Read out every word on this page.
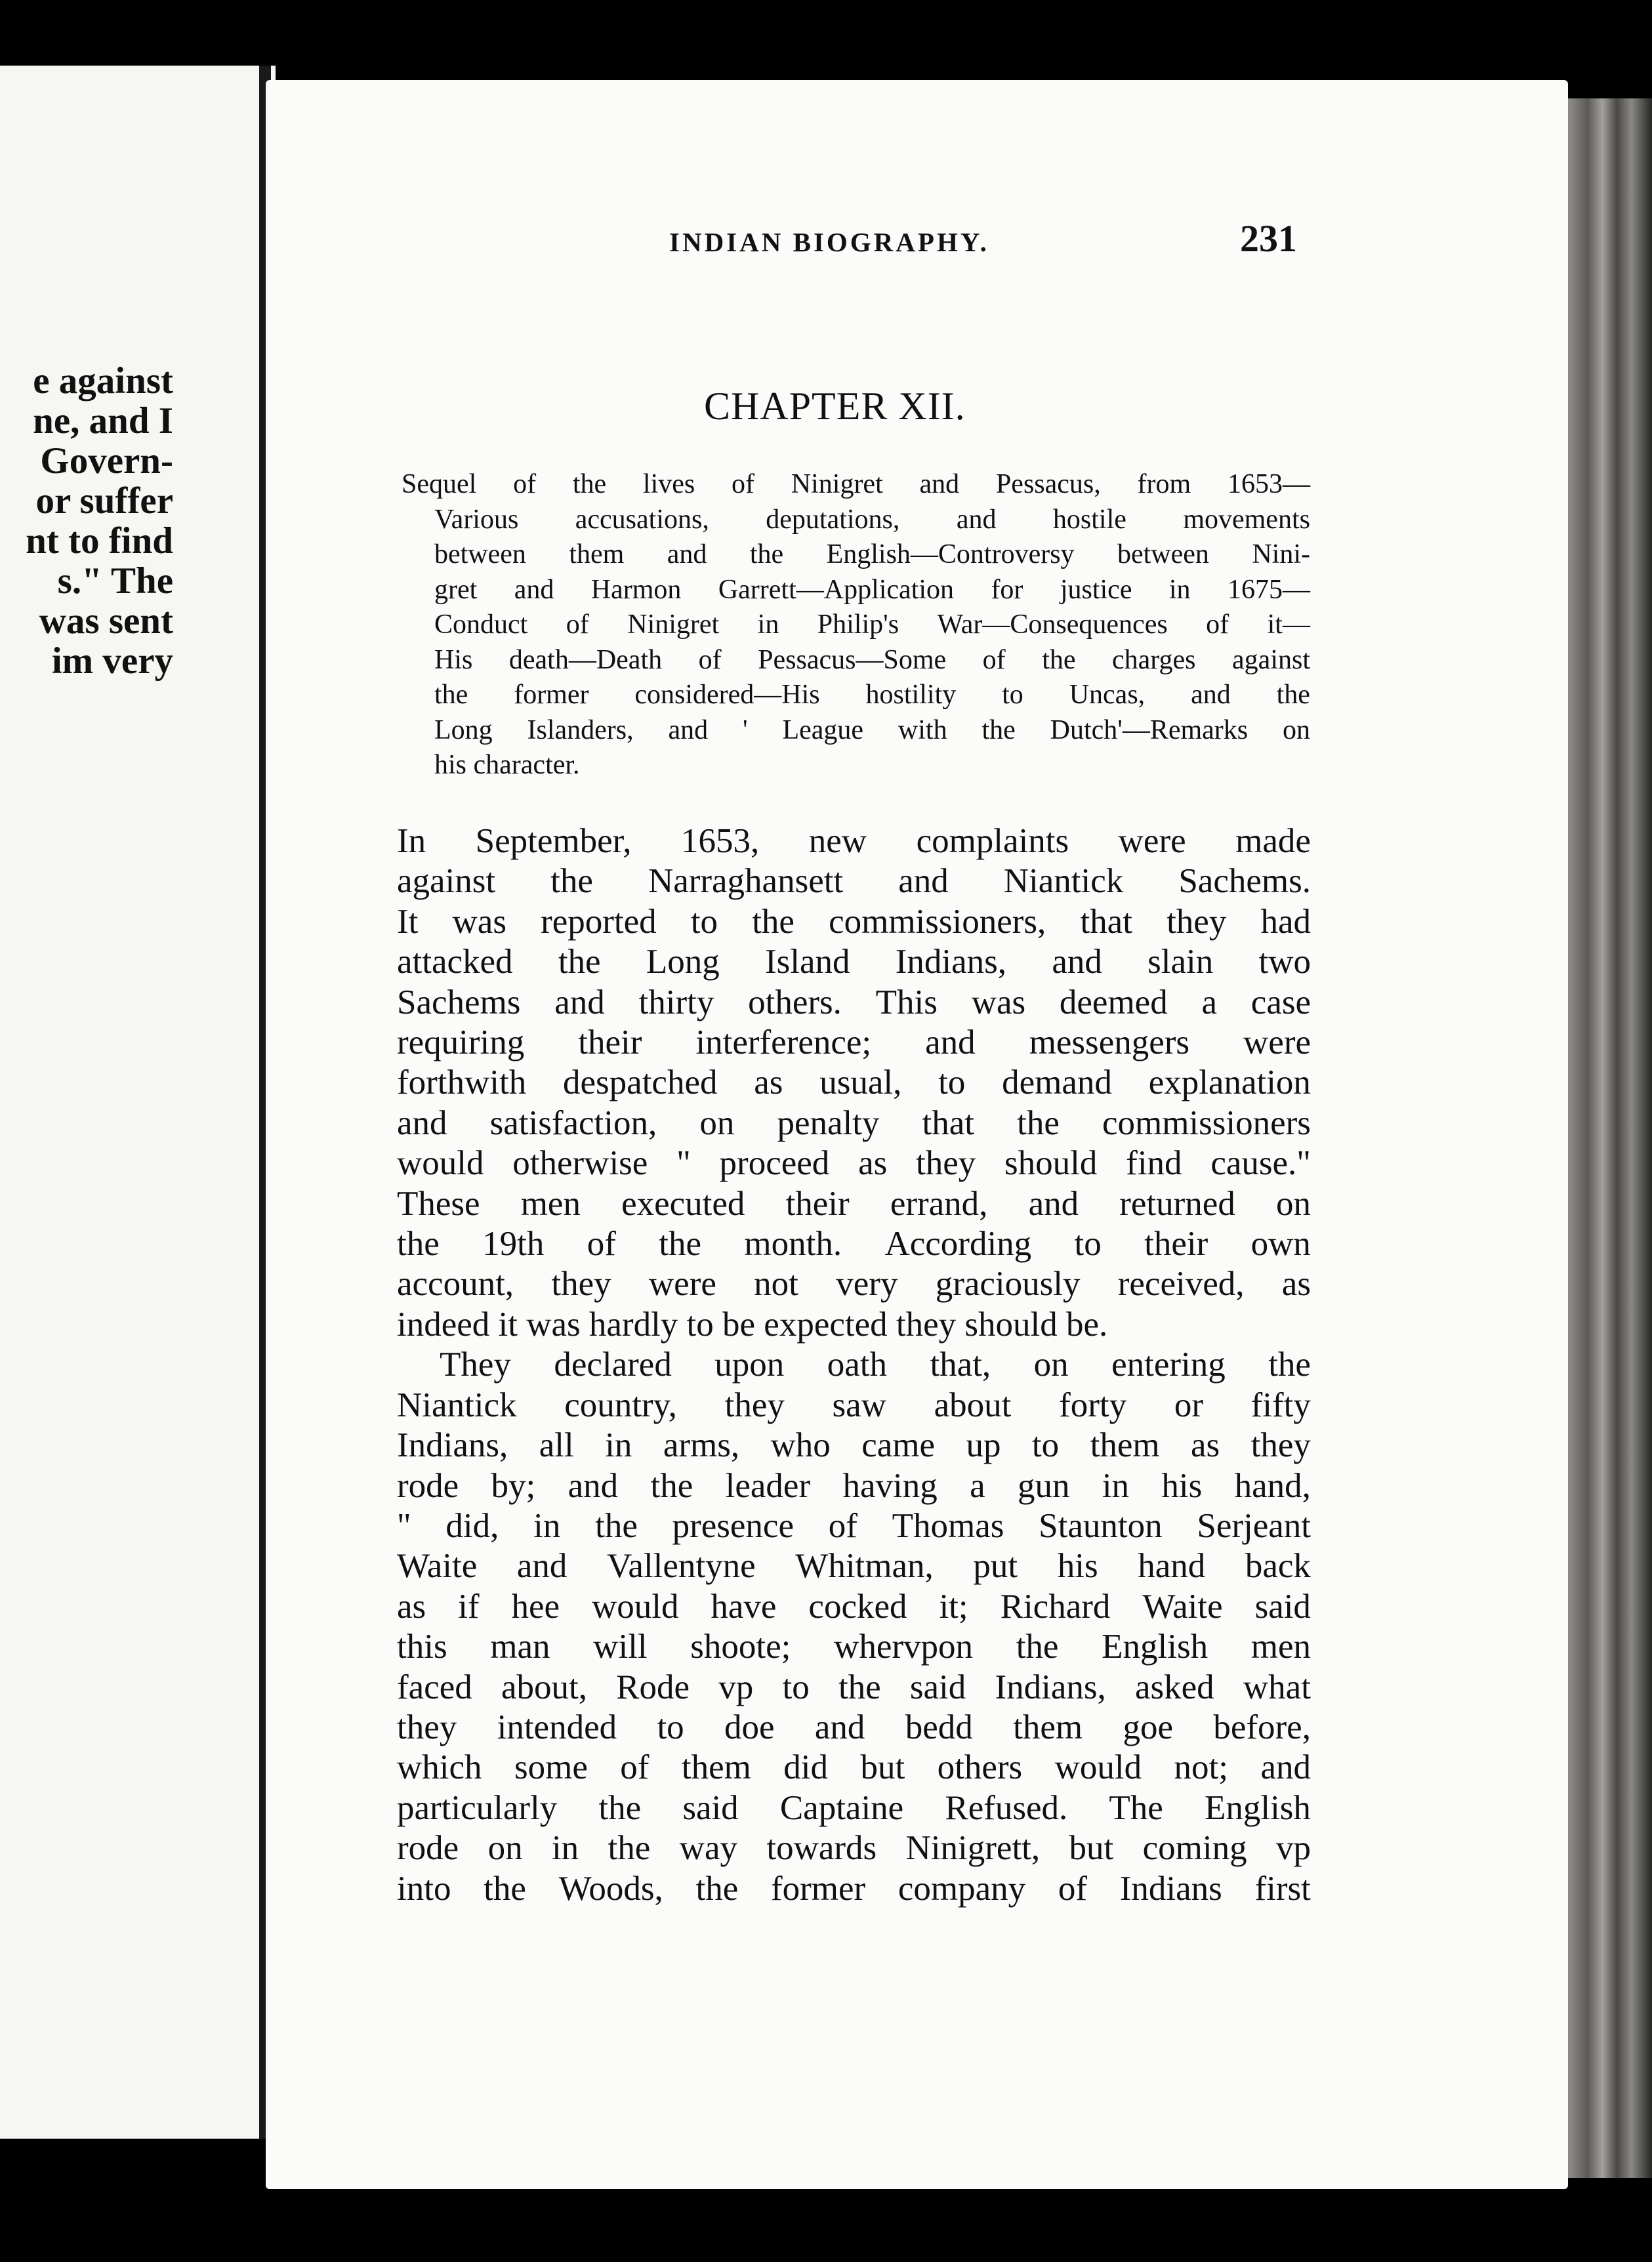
e against
ne, and I
Govern-
or suffer
nt to find
s." The
was sent
im very
INDIAN BIOGRAPHY.	231
CHAPTER XII.
Sequel of the lives of Ninigret and Pessacus, from 1653—
Various accusations, deputations, and hostile movements
between them and the English—Controversy between Nini-
gret and Harmon Garrett—Application for justice in 1675—
Conduct of Ninigret in Philip's War—Consequences of it—
His death—Death of Pessacus—Some of the charges against
the former considered—His hostility to Uncas, and the
Long Islanders, and ' League with the Dutch'—Remarks on
his character.
In September, 1653, new complaints were made
against the Narraghansett and Niantick Sachems.
It was reported to the commissioners, that they had
attacked the Long Island Indians, and slain two
Sachems and thirty others. This was deemed a case
requiring their interference; and messengers were
forthwith despatched as usual, to demand explanation
and satisfaction, on penalty that the commissioners
would otherwise " proceed as they should find cause."
These men executed their errand, and returned on
the 19th of the month. According to their own
account, they were not very graciously received, as
indeed it was hardly to be expected they should be.
They declared upon oath that, on entering the
Niantick country, they saw about forty or fifty
Indians, all in arms, who came up to them as they
rode by; and the leader having a gun in his hand,
" did, in the presence of Thomas Staunton Serjeant
Waite and Vallentyne Whitman, put his hand back
as if hee would have cocked it; Richard Waite said
this man will shoote; whervpon the English men
faced about, Rode vp to the said Indians, asked what
they intended to doe and bedd them goe before,
which some of them did but others would not; and
particularly the said Captaine Refused. The English
rode on in the way towards Ninigrett, but coming vp
into the Woods, the former company of Indians first
